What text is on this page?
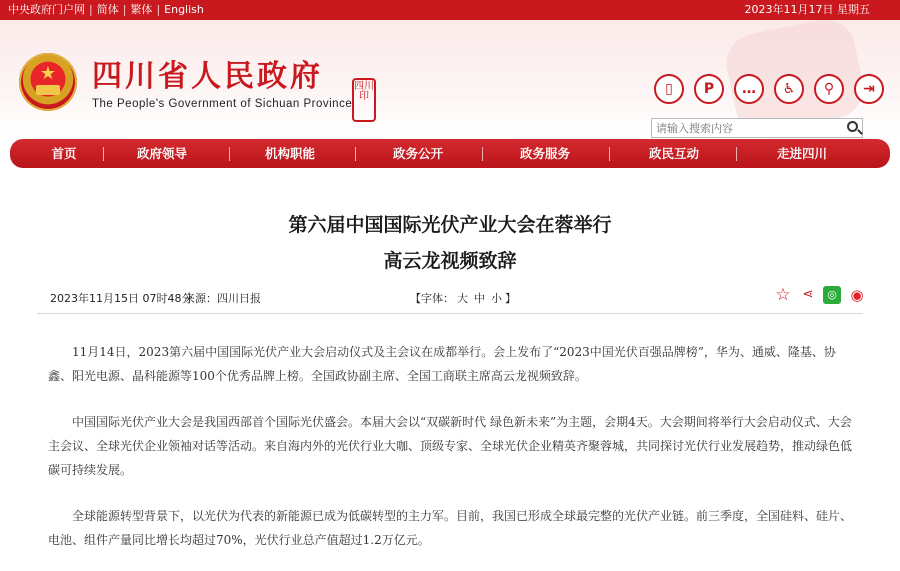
中央政府门户网 | 简体 | 繁体 | English	2023年11月17日 星期五
★	四川省人民政府
The People's Government of Sichuan Province
四川 印	▯	P	…	♿	⚲	⇥
请输入搜索内容
首页	政府领导	机构职能	政务公开	政务服务	政民互动	走进四川
第六届中国国际光伏产业大会在蓉举行
高云龙视频致辞
2023年11月15日 07时48分
来源：四川日报	【字体： 大 中 小 】	☆ ⋖	◎ ◉

11月14日，2023第六届中国国际光伏产业大会启动仪式及主会议在成都举行。会上发布了“2023中国光伏百强品牌榜”，华为、通威、隆基、协鑫、阳光电源、晶科能源等100个优秀品牌上榜。全国政协副主席、全国工商联主席高云龙视频致辞。

中国国际光伏产业大会是我国西部首个国际光伏盛会。本届大会以“双碳新时代 绿色新未来”为主题，会期4天。大会期间将举行大会启动仪式、大会主会议、全球光伏企业领袖对话等活动。来自海内外的光伏行业大咖、顶级专家、全球光伏企业精英齐聚蓉城，共同探讨光伏行业发展趋势，推动绿色低碳可持续发展。

全球能源转型背景下，以光伏为代表的新能源已成为低碳转型的主力军。目前，我国已形成全球最完整的光伏产业链。前三季度，全国硅料、硅片、电池、组件产量同比增长均超过70%，光伏行业总产值超过1.2万亿元。
